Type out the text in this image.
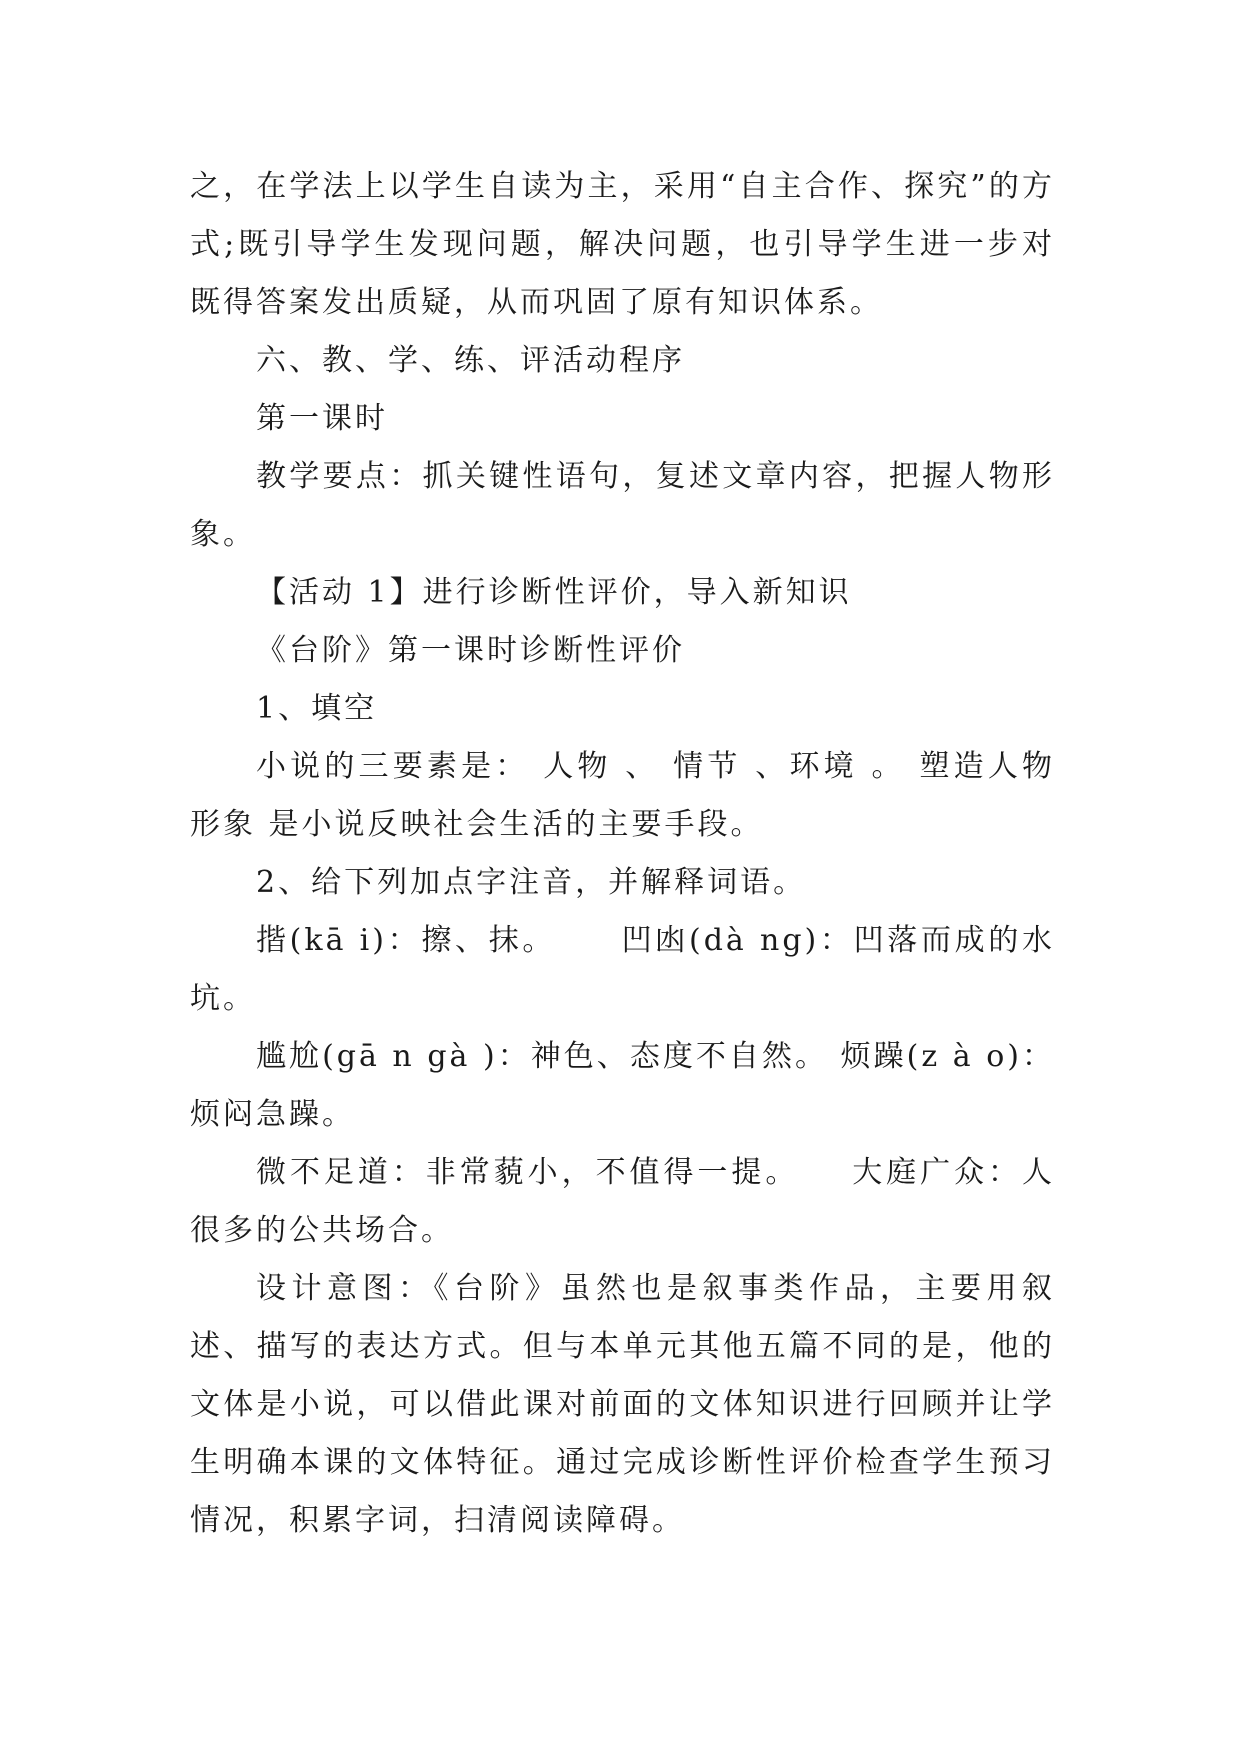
之，在学法上以学生自读为主，采用“自主合作、探究”的方式;既引导学生发现问题，解决问题，也引导学生进一步对既得答案发出质疑，从而巩固了原有知识体系。

六、教、学、练、评活动程序

第一课时

教学要点：抓关键性语句，复述文章内容，把握人物形象。

【活动 1】进行诊断性评价，导入新知识

《台阶》第一课时诊断性评价

1、填空

小说的三要素是： 人物 、 情节 、环境 。 塑造人物形象 是小说反映社会生活的主要手段。

2、给下列加点字注音，并解释词语。

揩(kā i)：擦、抹。　　 凹凼(dà ng)：凹落而成的水坑。

尴尬(gā n gà )：神色、态度不自然。 烦躁(z à o)：烦闷急躁。

微不足道：非常藐小，不值得一提。　　大庭广众：人很多的公共场合。

设计意图：《台阶》虽然也是叙事类作品，主要用叙述、描写的表达方式。但与本单元其他五篇不同的是，他的文体是小说，可以借此课对前面的文体知识进行回顾并让学生明确本课的文体特征。通过完成诊断性评价检查学生预习情况，积累字词，扫清阅读障碍。
